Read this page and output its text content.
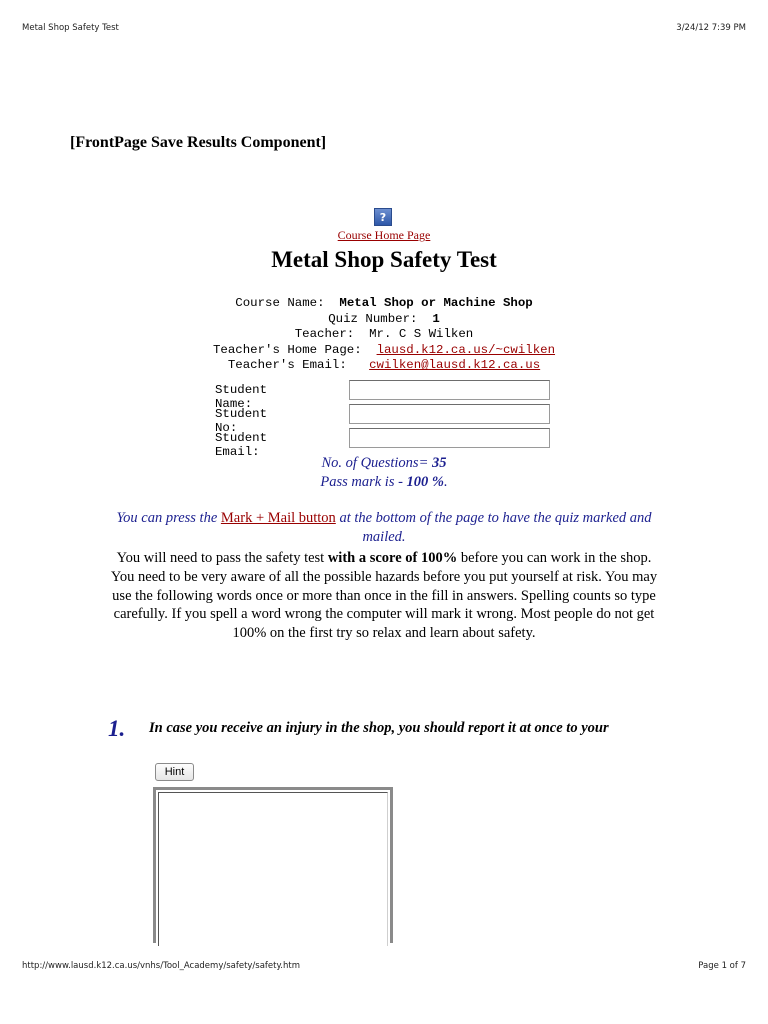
Metal Shop Safety Test	3/24/12 7:39 PM
[FrontPage Save Results Component]
?
Course Home Page
Metal Shop Safety Test
Course Name: Metal Shop or Machine Shop
Quiz Number: 1
Teacher: Mr. C S Wilken
Teacher's Home Page: lausd.k12.ca.us/~cwilken
Teacher's Email: cwilken@lausd.k12.ca.us
Student Name:
Student No:
Student Email:
No. of Questions= 35
Pass mark is - 100 %.
You can press the Mark + Mail button at the bottom of the page to have the quiz marked and mailed.
You will need to pass the safety test with a score of 100% before you can work in the shop. You need to be very aware of all the possible hazards before you put yourself at risk. You may use the following words once or more than once in the fill in answers. Spelling counts so type carefully. If you spell a word wrong the computer will mark it wrong. Most people do not get 100% on the first try so relax and learn about safety.
1. In case you receive an injury in the shop, you should report it at once to your
Hint
http://www.lausd.k12.ca.us/vnhs/Tool_Academy/safety/safety.htm	Page 1 of 7
